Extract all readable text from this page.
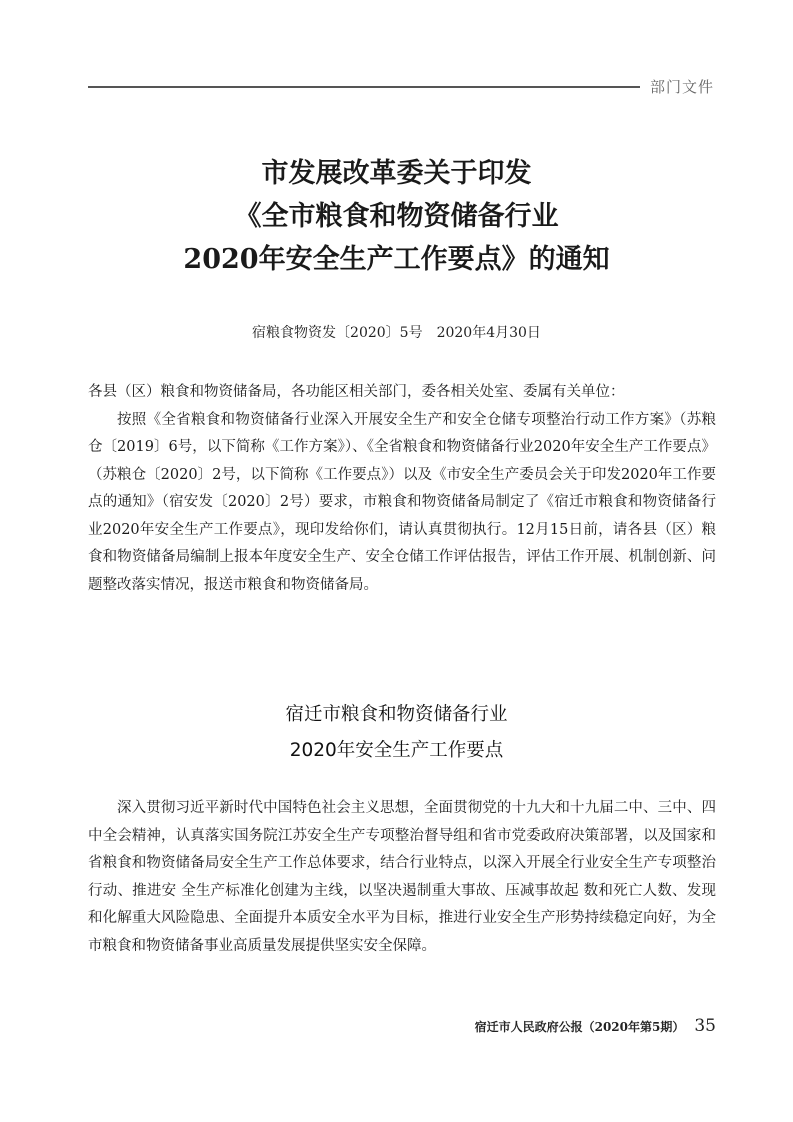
部门文件
市发展改革委关于印发
《全市粮食和物资储备行业
2020年安全生产工作要点》的通知
宿粮食物资发〔2020〕5号　2020年4月30日

各县（区）粮食和物资储备局，各功能区相关部门，委各相关处室、委属有关单位：

按照《全省粮食和物资储备行业深入开展安全生产和安全仓储专项整治行动工作方案》（苏粮仓〔2019〕6号，以下简称《工作方案》）、《全省粮食和物资储备行业2020年安全生产工作要点》（苏粮仓〔2020〕2号，以下简称《工作要点》）以及《市安全生产委员会关于印发2020年工作要点的通知》（宿安发〔2020〕2号）要求，市粮食和物资储备局制定了《宿迁市粮食和物资储备行业2020年安全生产工作要点》，现印发给你们，请认真贯彻执行。12月15日前，请各县（区）粮食和物资储备局编制上报本年度安全生产、安全仓储工作评估报告，评估工作开展、机制创新、问题整改落实情况，报送市粮食和物资储备局。

宿迁市粮食和物资储备行业
2020年安全生产工作要点

深入贯彻习近平新时代中国特色社会主义思想，全面贯彻党的十九大和十九届二中、三中、四中全会精神，认真落实国务院江苏安全生产专项整治督导组和省市党委政府决策部署，以及国家和省粮食和物资储备局安全生产工作总体要求，结合行业特点，以深入开展全行业安全生产专项整治行动、推进安 全生产标准化创建为主线，以坚决遏制重大事故、压减事故起 数和死亡人数、发现和化解重大风险隐患、全面提升本质安全水平为目标，推进行业安全生产形势持续稳定向好，为全市粮食和物资储备事业高质量发展提供坚实安全保障。

宿迁市人民政府公报（2020年第5期） 35
